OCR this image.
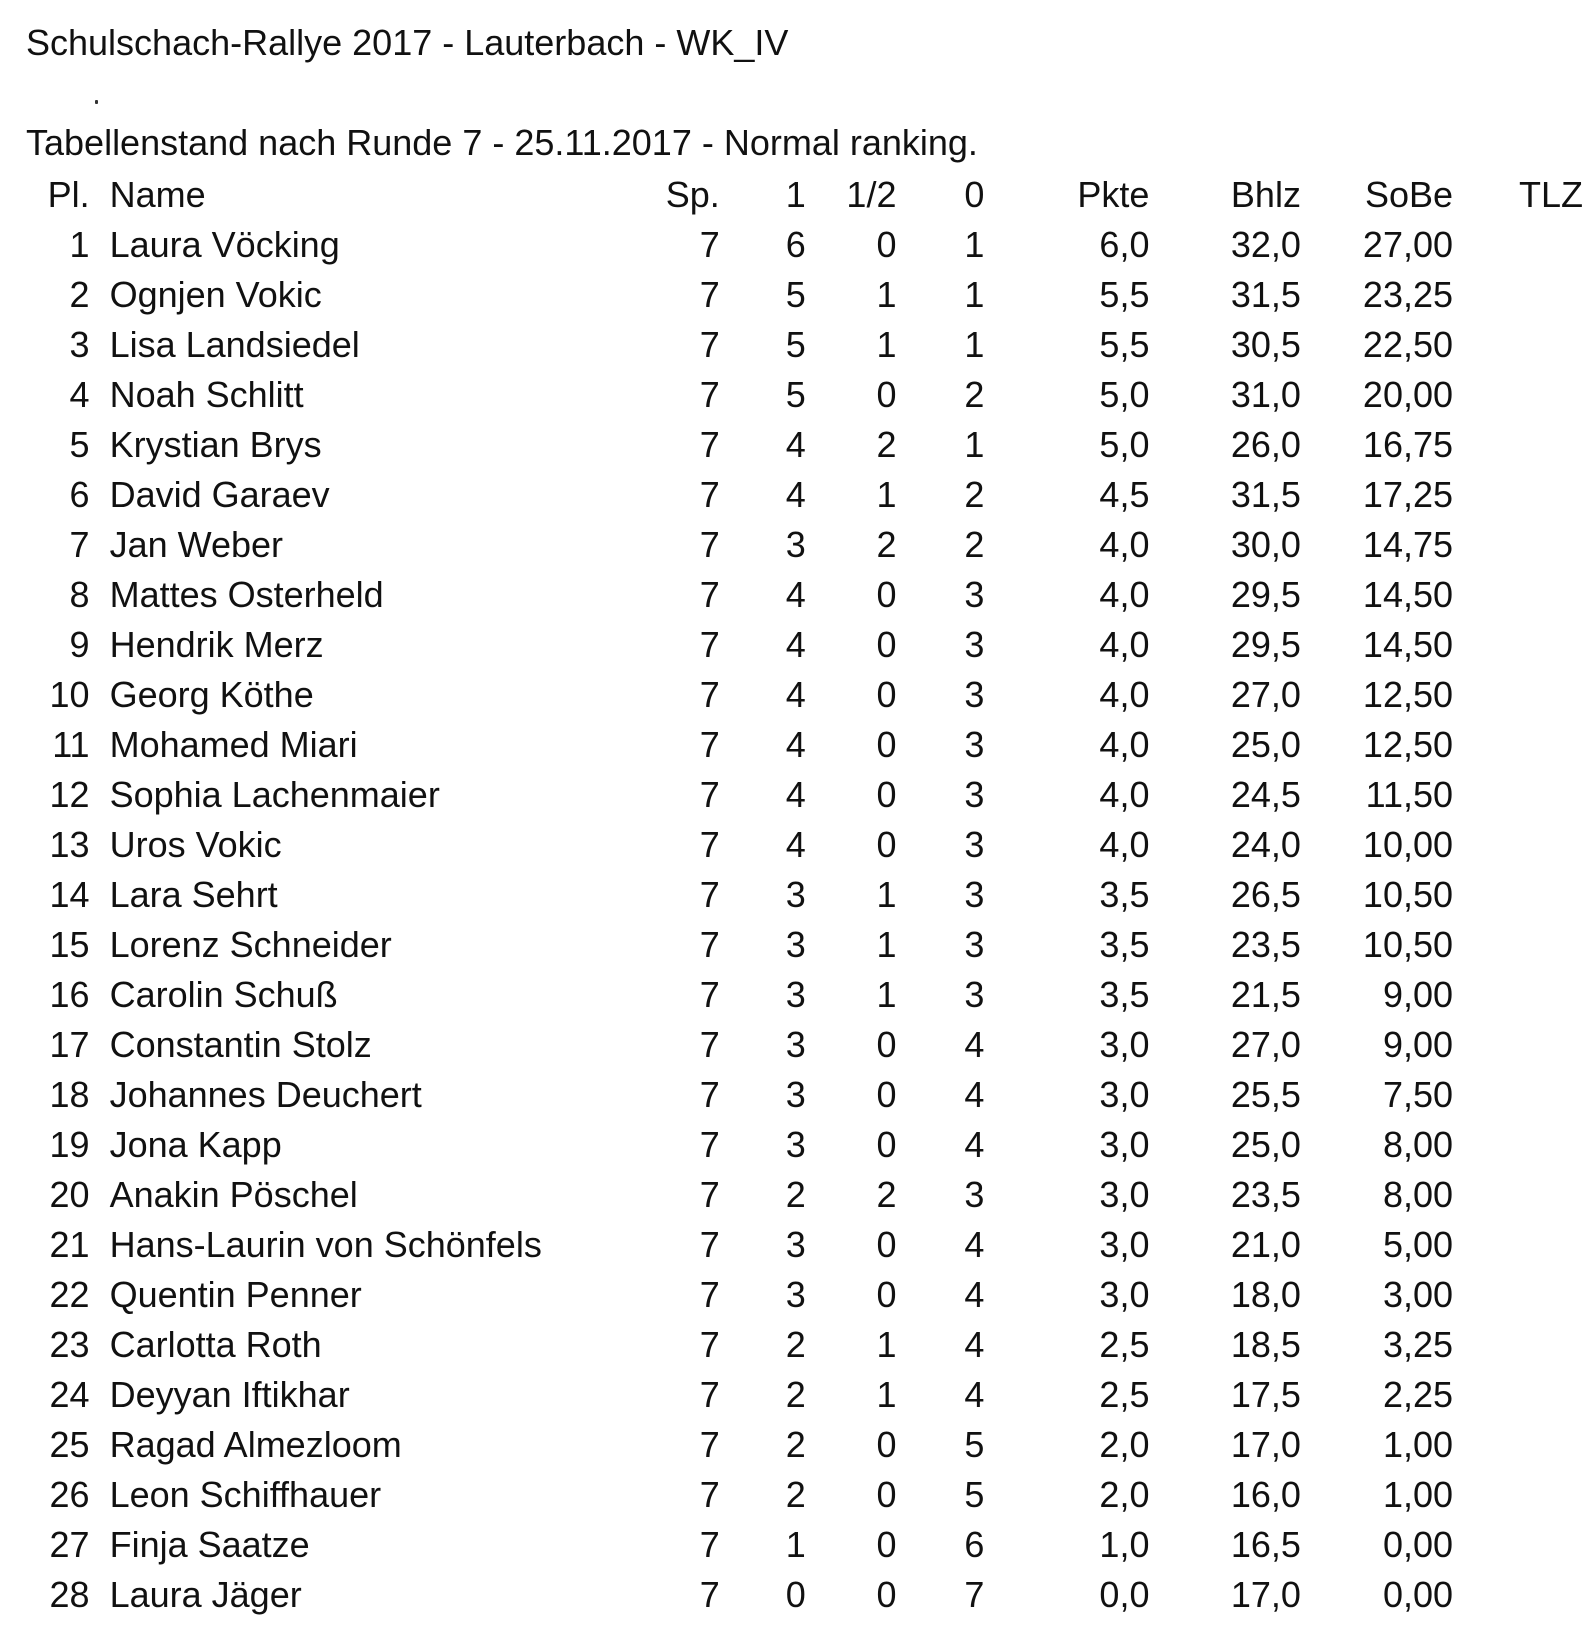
Schulschach-Rallye 2017 - Lauterbach - WK_IV
Tabellenstand nach Runde 7 - 25.11.2017 - Normal ranking.
Pl.	Name	Sp.	1	1/2	0	Pkte	Bhlz	SoBe	TLZ
1	Laura Vöcking	7	6	0	1	6,0	32,0	27,00	
2	Ognjen Vokic	7	5	1	1	5,5	31,5	23,25	
3	Lisa Landsiedel	7	5	1	1	5,5	30,5	22,50	
4	Noah Schlitt	7	5	0	2	5,0	31,0	20,00	
5	Krystian Brys	7	4	2	1	5,0	26,0	16,75	
6	David Garaev	7	4	1	2	4,5	31,5	17,25	
7	Jan Weber	7	3	2	2	4,0	30,0	14,75	
8	Mattes Osterheld	7	4	0	3	4,0	29,5	14,50	
9	Hendrik Merz	7	4	0	3	4,0	29,5	14,50	
10	Georg Köthe	7	4	0	3	4,0	27,0	12,50	
11	Mohamed Miari	7	4	0	3	4,0	25,0	12,50	
12	Sophia Lachenmaier	7	4	0	3	4,0	24,5	11,50	
13	Uros Vokic	7	4	0	3	4,0	24,0	10,00	
14	Lara Sehrt	7	3	1	3	3,5	26,5	10,50	
15	Lorenz Schneider	7	3	1	3	3,5	23,5	10,50	
16	Carolin Schuß	7	3	1	3	3,5	21,5	9,00	
17	Constantin Stolz	7	3	0	4	3,0	27,0	9,00	
18	Johannes Deuchert	7	3	0	4	3,0	25,5	7,50	
19	Jona Kapp	7	3	0	4	3,0	25,0	8,00	
20	Anakin Pöschel	7	2	2	3	3,0	23,5	8,00	
21	Hans-Laurin von Schönfels	7	3	0	4	3,0	21,0	5,00	
22	Quentin Penner	7	3	0	4	3,0	18,0	3,00	
23	Carlotta Roth	7	2	1	4	2,5	18,5	3,25	
24	Deyyan Iftikhar	7	2	1	4	2,5	17,5	2,25	
25	Ragad Almezloom	7	2	0	5	2,0	17,0	1,00	
26	Leon Schiffhauer	7	2	0	5	2,0	16,0	1,00	
27	Finja Saatze	7	1	0	6	1,0	16,5	0,00	
28	Laura Jäger	7	0	0	7	0,0	17,0	0,00	
